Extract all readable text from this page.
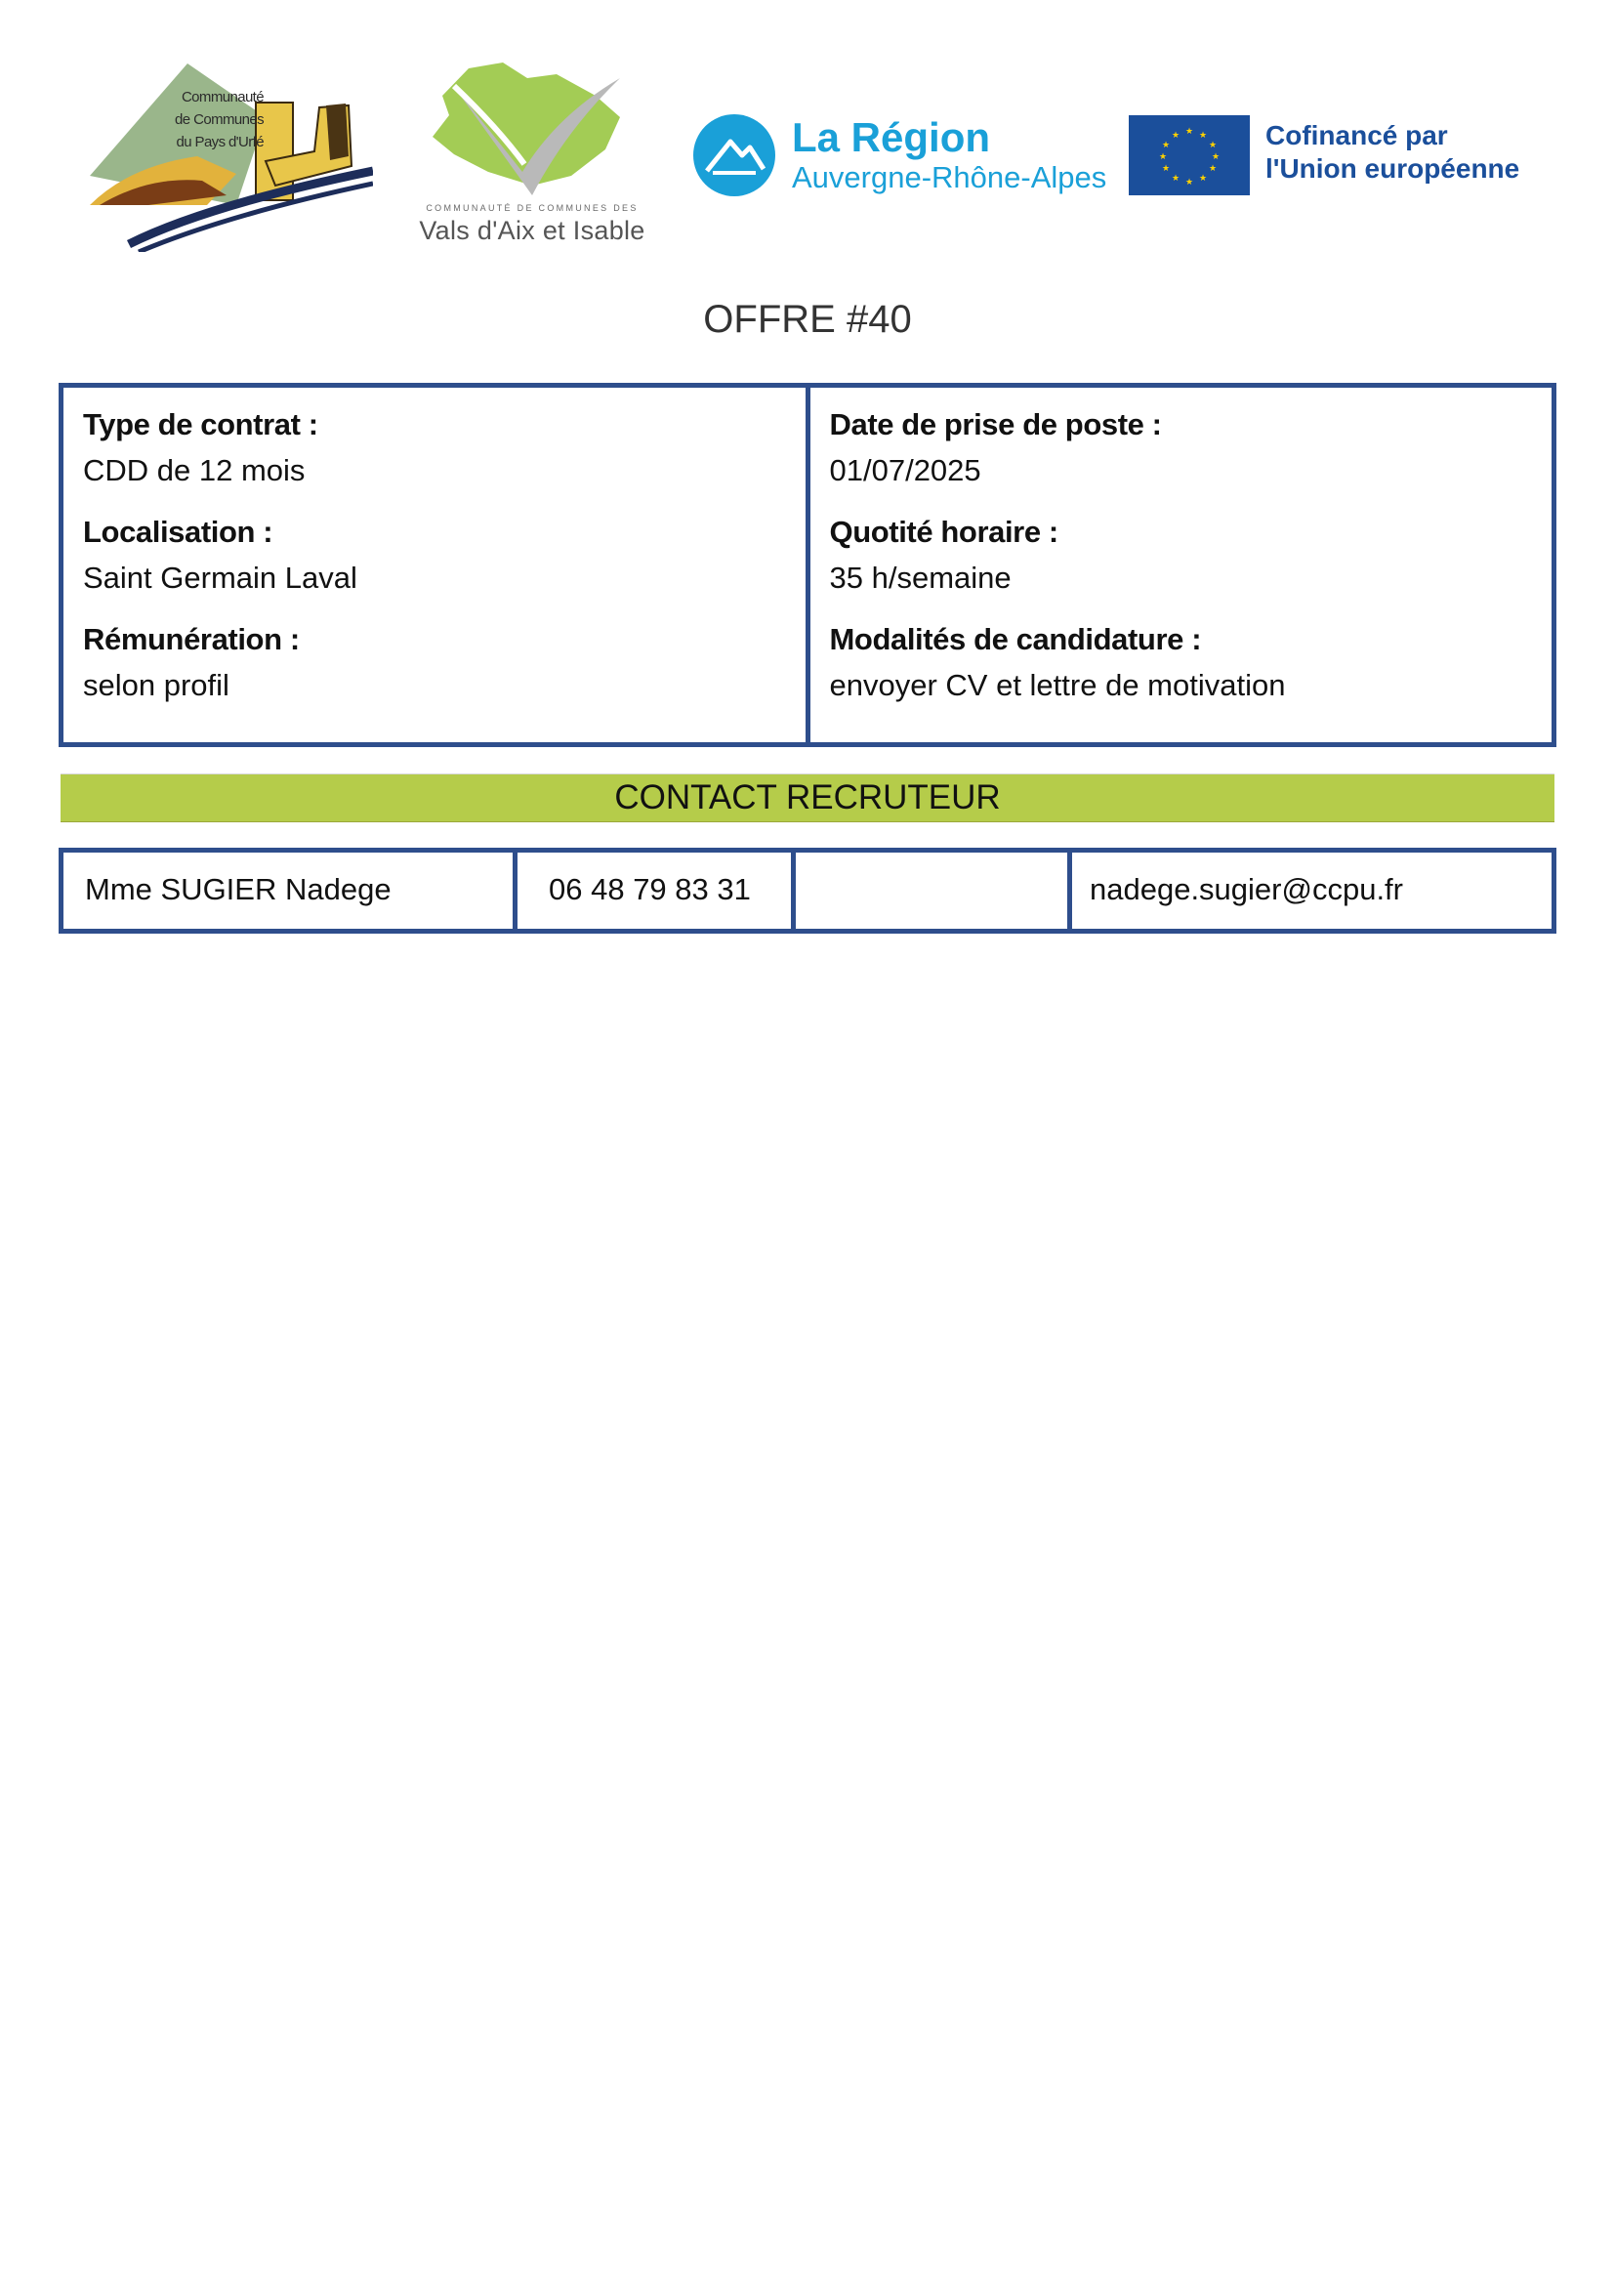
Communauté
de Communes
du Pays d'Urfé
COMMUNAUTÉ DE COMMUNES DES
Vals d'Aix et Isable
La Région
Auvergne-Rhône-Alpes
★ ★
★
★
★
★
★
★
★
★
★
★	Cofinancé par
l'Union européenne
OFFRE #40
Type de contrat :
CDD de 12 mois
Localisation :
Saint Germain Laval
Rémunération :
selon profil
Date de prise de poste :
01/07/2025
Quotité horaire :
35 h/semaine
Modalités de candidature :
envoyer CV et lettre de motivation
CONTACT RECRUTEUR
Mme SUGIER Nadege	06 48 79 83 31	nadege.sugier@ccpu.fr
